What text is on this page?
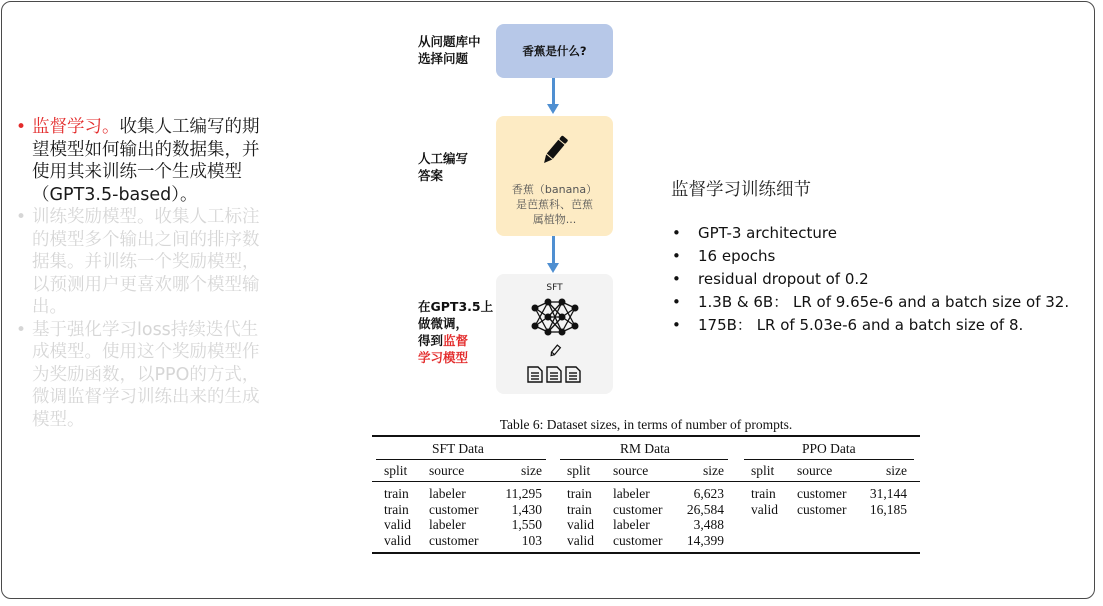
• 监督学习。收集人工编写的期望模型如何输出的数据集，并使用其来训练一个生成模型（GPT3.5-based）。
• 训练奖励模型。收集人工标注的模型多个输出之间的排序数据集。并训练一个奖励模型，以预测用户更喜欢哪个模型输出。
• 基于强化学习loss持续迭代生成模型。使用这个奖励模型作为奖励函数，以PPO的方式，微调监督学习训练出来的生成模型。
从问题库中
选择问题	香蕉是什么?
人工编写
答案
香蕉（banana）
是芭蕉科、芭蕉
属植物...
在GPT3.5上
做微调，
得到监督
学习模型
SFT
监督学习训练细节
• GPT-3 architecture
• 16 epochs
• residual dropout of 0.2
• 1.3B & 6B： LR of 9.65e-6 and a batch size of 32.
• 175B： LR of 5.03e-6 and a batch size of 8.
Table 6: Dataset sizes, in terms of number of prompts.
SFT Data	RM Data	PPO Data
split source	size split source	size split source	size
train labeler	11,295
train customer 1,430
valid labeler	1,550
valid customer	103
train labeler	6,623
train customer 26,584
valid labeler	3,488
valid customer 14,399
train customer 31,144
valid customer 16,185
